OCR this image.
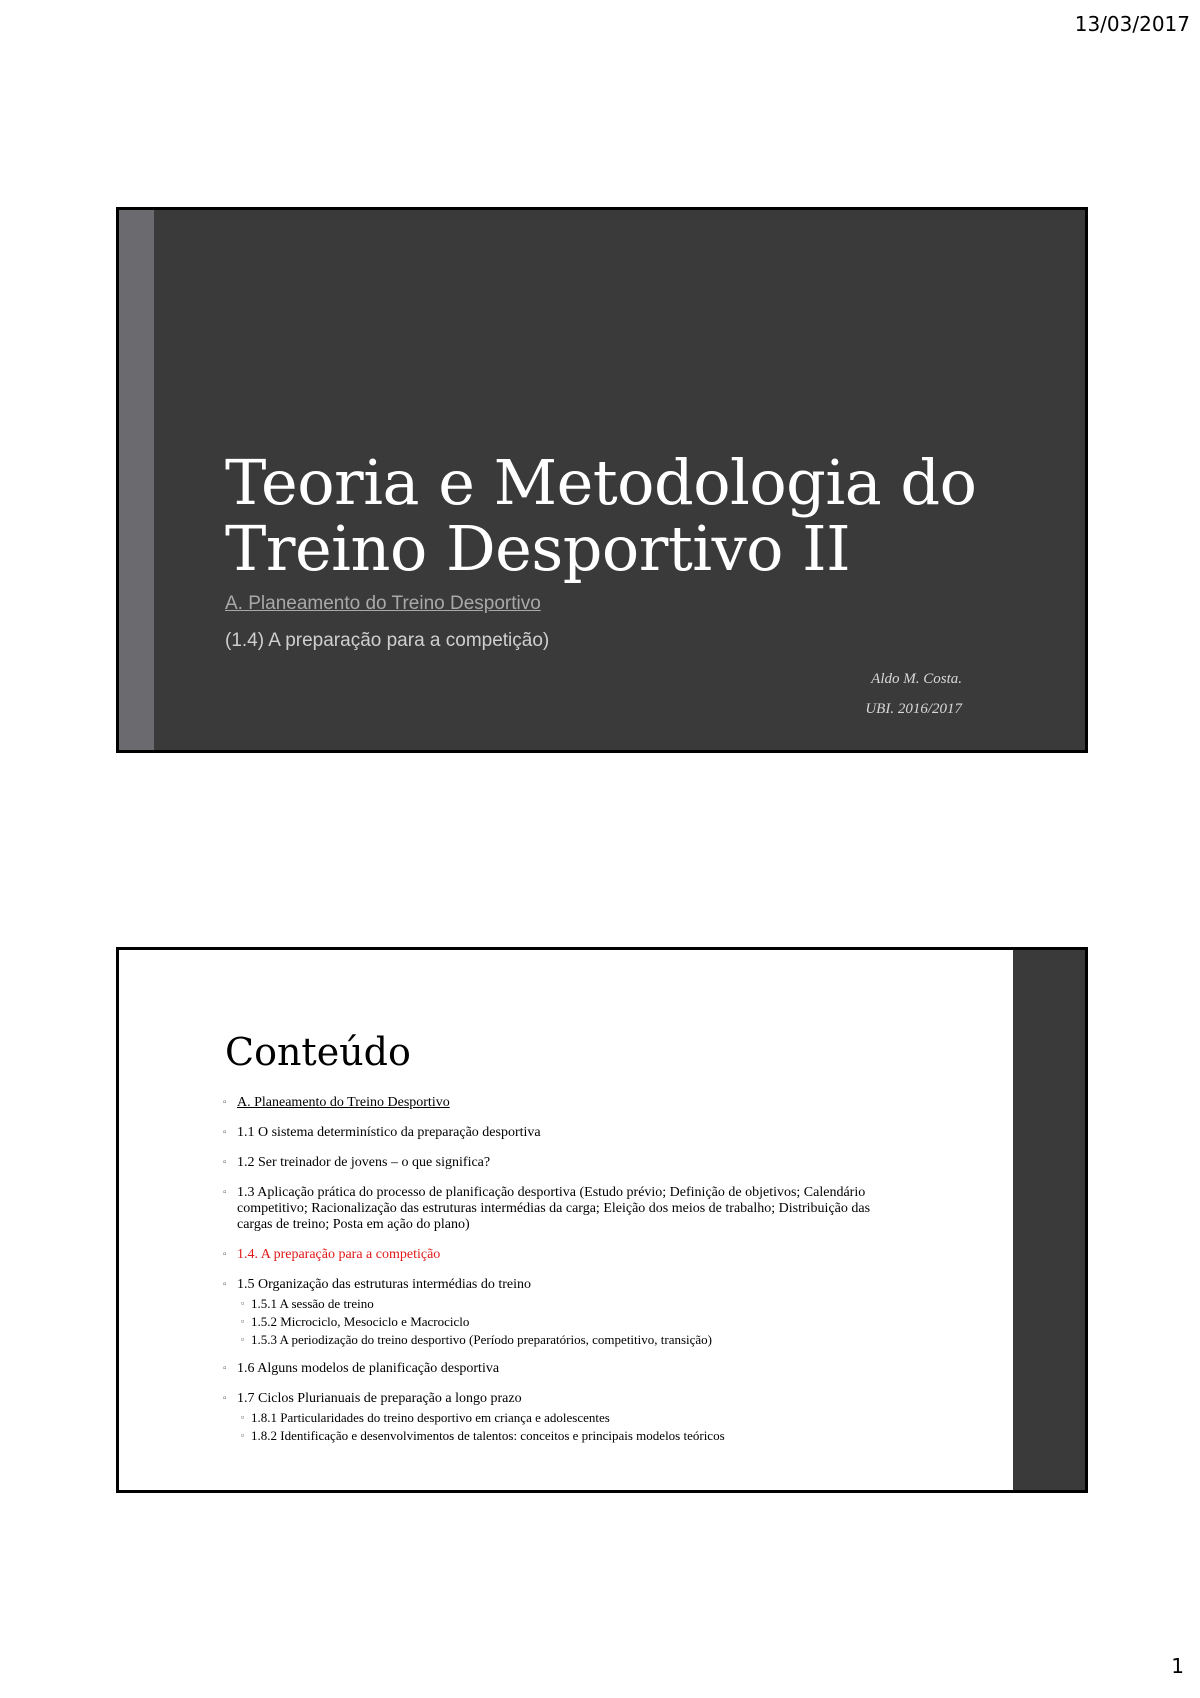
13/03/2017
Teoria e Metodologia do Treino Desportivo II
A. Planeamento do Treino Desportivo
(1.4) A preparação para a competição)
Aldo M. Costa.
UBI. 2016/2017
Conteúdo
▫ A. Planeamento do Treino Desportivo
▫ 1.1 O sistema determinístico da preparação desportiva
▫ 1.2 Ser treinador de jovens – o que significa?
▫ 1.3 Aplicação prática do processo de planificação desportiva (Estudo prévio; Definição de objetivos; Calendário competitivo; Racionalização das estruturas intermédias da carga; Eleição dos meios de trabalho; Distribuição das cargas de treino; Posta em ação do plano)
▫ 1.4. A preparação para a competição
▫ 1.5 Organização das estruturas intermédias do treino
▫ 1.5.1 A sessão de treino
▫ 1.5.2 Microciclo, Mesociclo e Macrociclo
▫ 1.5.3 A periodização do treino desportivo (Período preparatórios, competitivo, transição)
▫ 1.6 Alguns modelos de planificação desportiva
▫ 1.7 Ciclos Plurianuais de preparação a longo prazo
▫ 1.8.1 Particularidades do treino desportivo em criança e adolescentes
▫ 1.8.2 Identificação e desenvolvimentos de talentos: conceitos e principais modelos teóricos
1
